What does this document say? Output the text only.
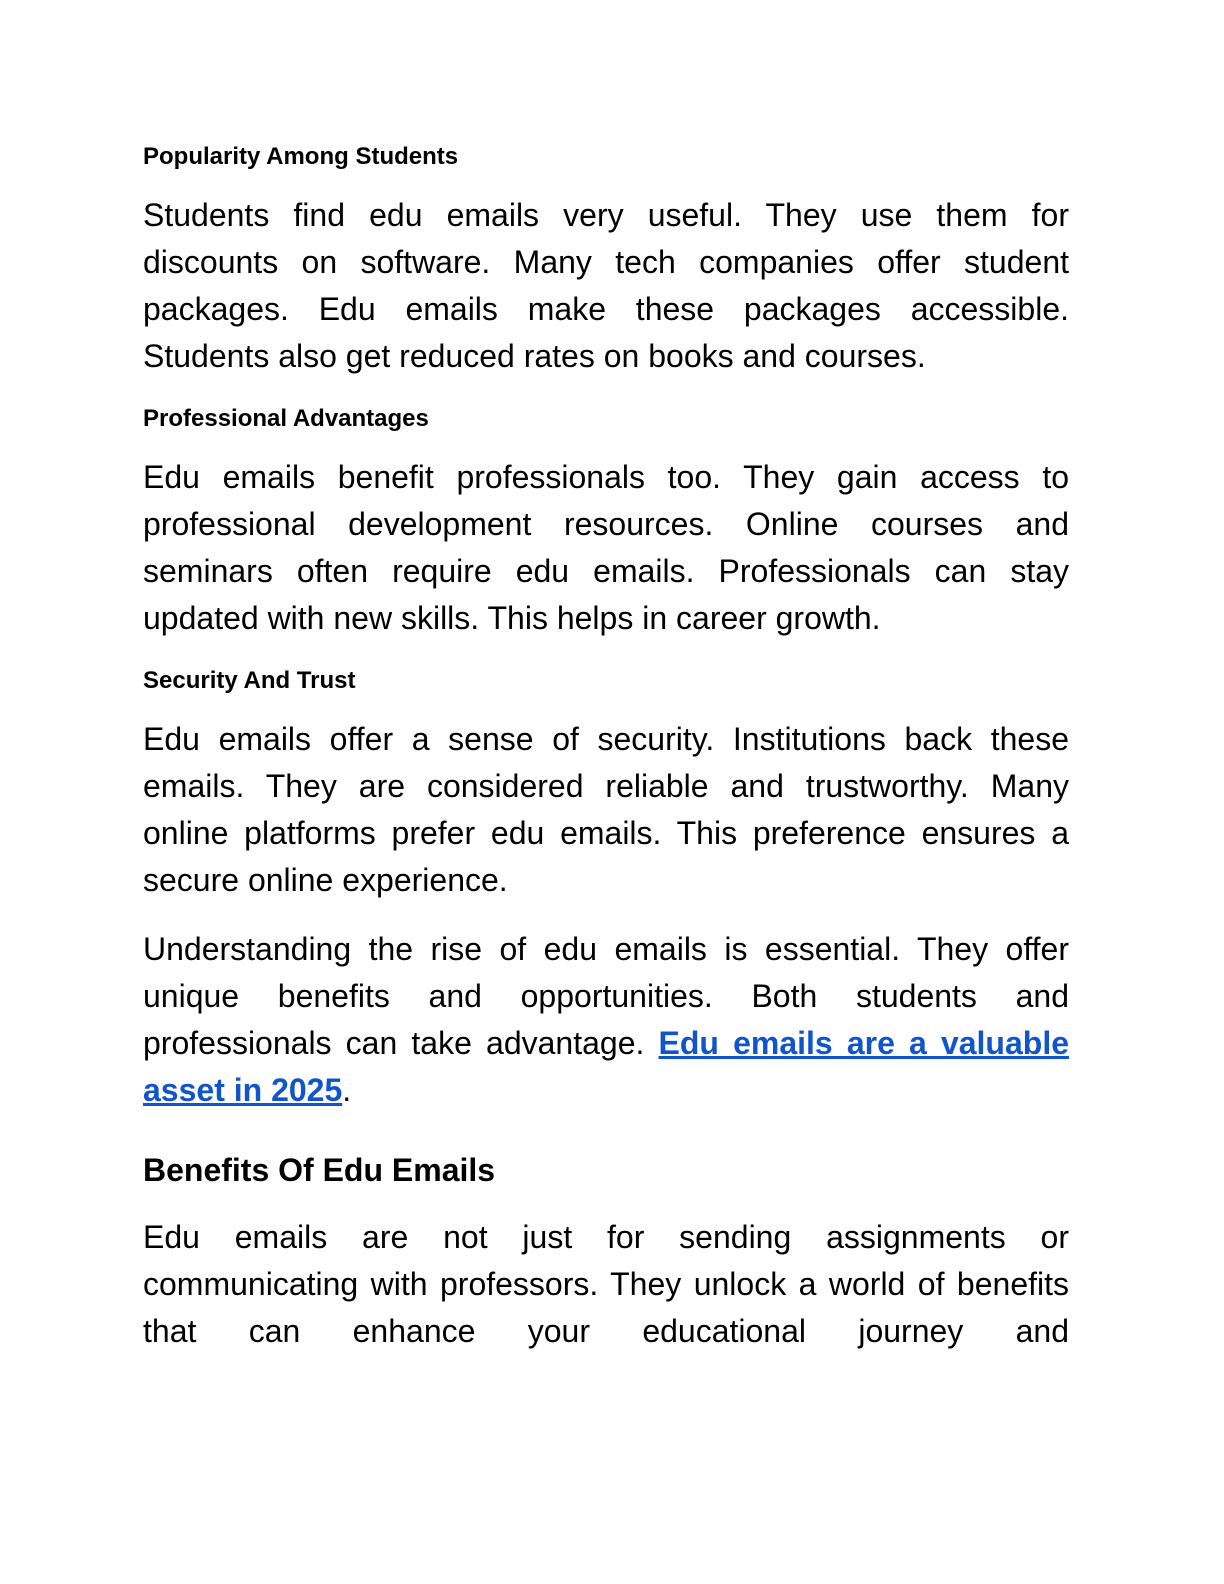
Popularity Among Students

Students find edu emails very useful. They use them for discounts on software. Many tech companies offer student packages. Edu emails make these packages accessible. Students also get reduced rates on books and courses.

Professional Advantages

Edu emails benefit professionals too. They gain access to professional development resources. Online courses and seminars often require edu emails. Professionals can stay updated with new skills. This helps in career growth.

Security And Trust

Edu emails offer a sense of security. Institutions back these emails. They are considered reliable and trustworthy. Many online platforms prefer edu emails. This preference ensures a secure online experience.

Understanding the rise of edu emails is essential. They offer unique benefits and opportunities. Both students and professionals can take advantage. Edu emails are a valuable asset in 2025.

Benefits Of Edu Emails

Edu emails are not just for sending assignments or communicating with professors. They unlock a world of benefits that can enhance your educational journey and
